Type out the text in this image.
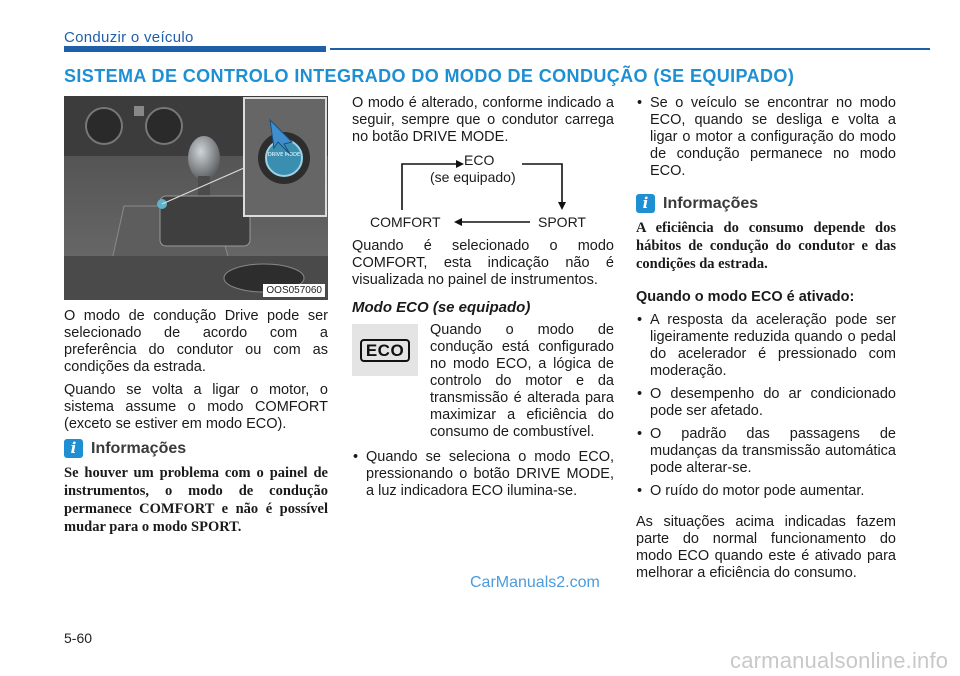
Conduzir o veículo
SISTEMA DE CONTROLO INTEGRADO DO MODO DE CONDUÇÃO (SE EQUIPADO)
DRIVE MODE
OOS057060

O modo de condução Drive pode ser selecionado de acordo com a preferência do condutor ou com as condições da estrada.

Quando se volta a ligar o motor, o sistema assume o modo COMFORT (exceto se estiver em modo ECO).

i Informações

Se houver um problema com o painel de instrumentos, o modo de condução permanece COMFORT e não é possível mudar para o modo SPORT.

O modo é alterado, conforme indicado a seguir, sempre que o condutor carrega no botão DRIVE MODE.

ECO
(se equipado)
COMFORT	SPORT

Quando é selecionado o modo COMFORT, esta indicação não é visualizada no painel de instrumentos.

Modo ECO (se equipado)
ECO
Quando o modo de condução está configurado no modo ECO, a lógica de controlo do motor e da transmissão é alterada para maximizar a eficiência do consumo de combustível.
• Quando se seleciona o modo ECO, pressionando o botão DRIVE MODE, a luz indicadora ECO ilumina-se.
• Se o veículo se encontrar no modo ECO, quando se desliga e volta a ligar o motor a configuração do modo de condução permanece no modo ECO.
i Informações

A eficiência do consumo depende dos hábitos de condução do condutor e das condições da estrada.

Quando o modo ECO é ativado:

• A resposta da aceleração pode ser ligeiramente reduzida quando o pedal do acelerador é pressionado com moderação.
• O desempenho do ar condicionado pode ser afetado.
• O padrão das passagens de mudanças da transmissão automática pode alterar-se.
• O ruído do motor pode aumentar.

As situações acima indicadas fazem parte do normal funcionamento do modo ECO quando este é ativado para melhorar a eficiência do consumo.

CarManuals2.com
5-60
carmanualsonline.info
